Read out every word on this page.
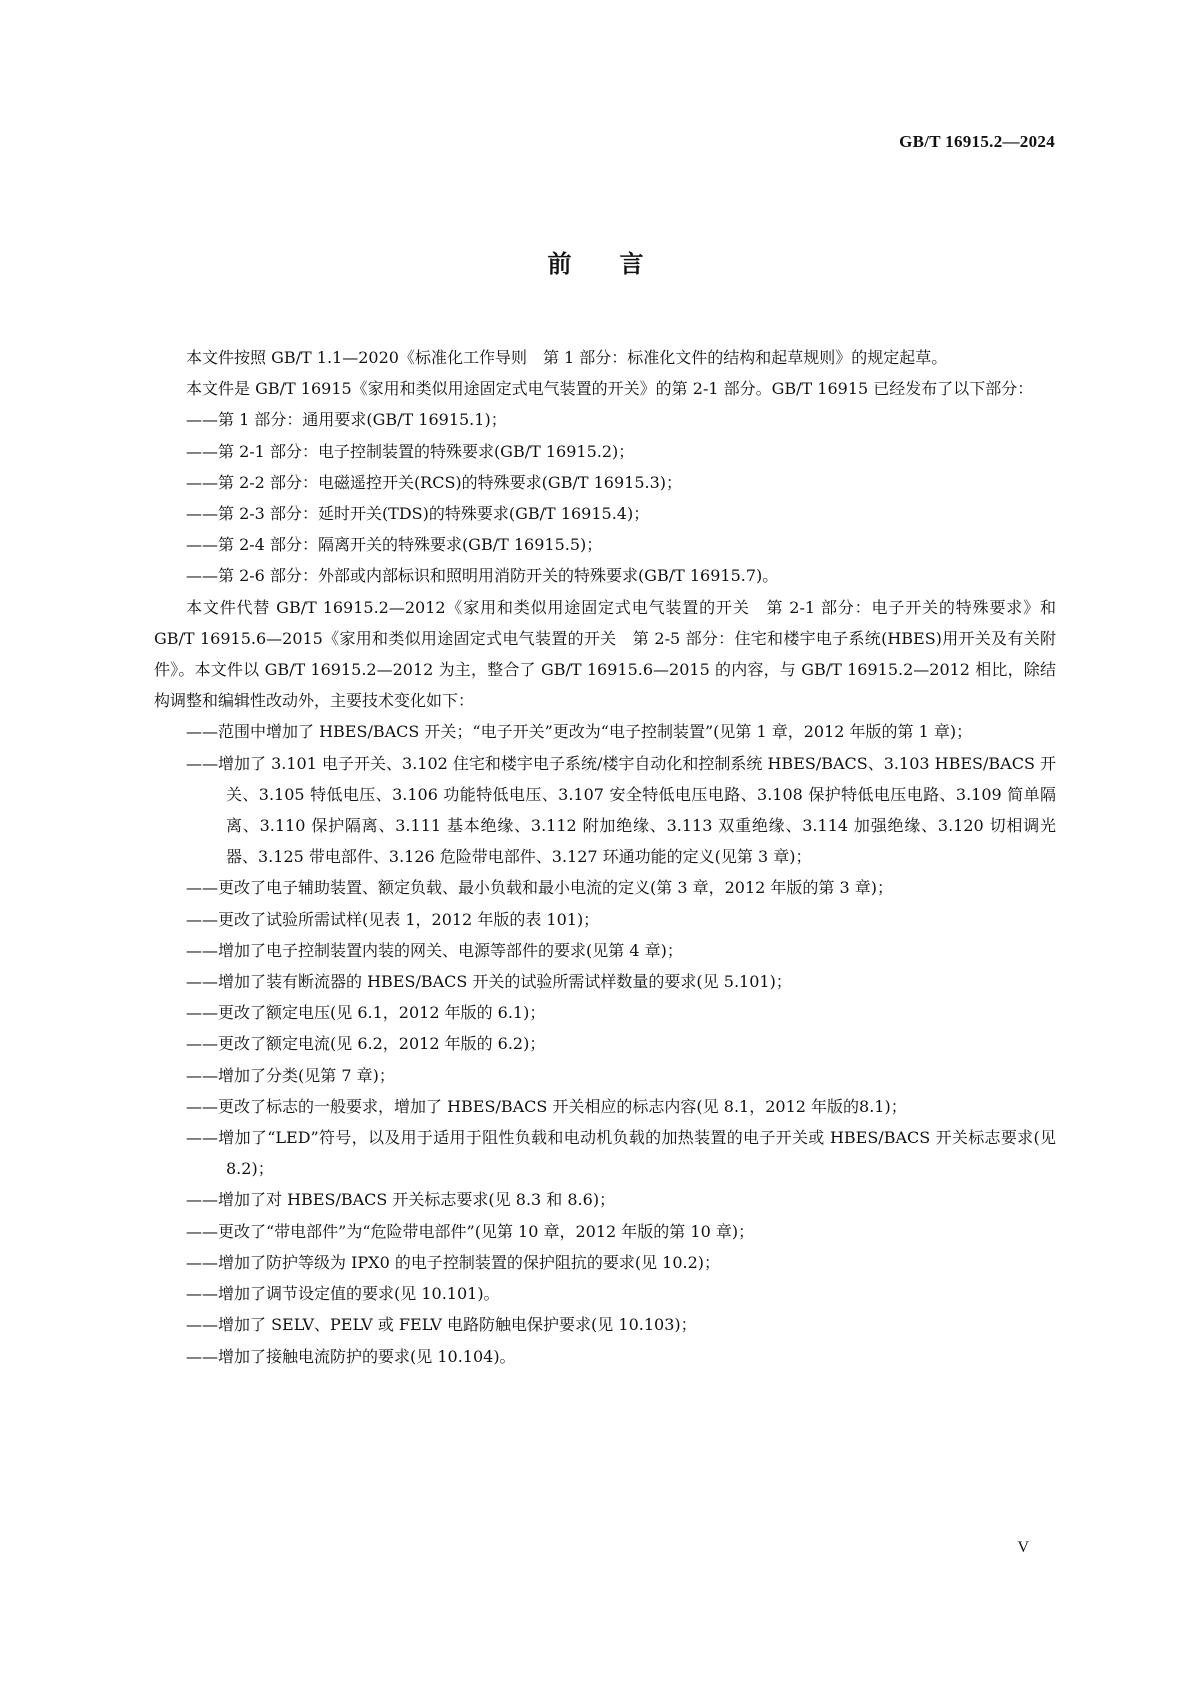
GB/T 16915.2—2024
前言

本文件按照 GB/T 1.1—2020《标准化工作导则　第 1 部分：标准化文件的结构和起草规则》的规定起草。

本文件是 GB/T 16915《家用和类似用途固定式电气装置的开关》的第 2-1 部分。GB/T 16915 已经发布了以下部分：

——第 1 部分：通用要求(GB/T 16915.1)；

——第 2-1 部分：电子控制装置的特殊要求(GB/T 16915.2)；

——第 2-2 部分：电磁遥控开关(RCS)的特殊要求(GB/T 16915.3)；

——第 2-3 部分：延时开关(TDS)的特殊要求(GB/T 16915.4)；

——第 2-4 部分：隔离开关的特殊要求(GB/T 16915.5)；

——第 2-6 部分：外部或内部标识和照明用消防开关的特殊要求(GB/T 16915.7)。

本文件代替 GB/T 16915.2—2012《家用和类似用途固定式电气装置的开关　第 2-1 部分：电子开关的特殊要求》和 GB/T 16915.6—2015《家用和类似用途固定式电气装置的开关　第 2-5 部分：住宅和楼宇电子系统(HBES)用开关及有关附件》。本文件以 GB/T 16915.2—2012 为主，整合了 GB/T 16915.6—2015 的内容，与 GB/T 16915.2—2012 相比，除结构调整和编辑性改动外，主要技术变化如下：

——范围中增加了 HBES/BACS 开关；“电子开关”更改为“电子控制装置”(见第 1 章，2012 年版的第 1 章)；

——增加了 3.101 电子开关、3.102 住宅和楼宇电子系统/楼宇自动化和控制系统 HBES/BACS、3.103 HBES/BACS 开关、3.105 特低电压、3.106 功能特低电压、3.107 安全特低电压电路、3.108 保护特低电压电路、3.109 简单隔离、3.110 保护隔离、3.111 基本绝缘、3.112 附加绝缘、3.113 双重绝缘、3.114 加强绝缘、3.120 切相调光器、3.125 带电部件、3.126 危险带电部件、3.127 环通功能的定义(见第 3 章)；

——更改了电子辅助装置、额定负载、最小负载和最小电流的定义(第 3 章，2012 年版的第 3 章)；

——更改了试验所需试样(见表 1，2012 年版的表 101)；

——增加了电子控制装置内装的网关、电源等部件的要求(见第 4 章)；

——增加了装有断流器的 HBES/BACS 开关的试验所需试样数量的要求(见 5.101)；

——更改了额定电压(见 6.1，2012 年版的 6.1)；

——更改了额定电流(见 6.2，2012 年版的 6.2)；

——增加了分类(见第 7 章)；

——更改了标志的一般要求，增加了 HBES/BACS 开关相应的标志内容(见 8.1，2012 年版的8.1)；

——增加了“LED”符号，以及用于适用于阻性负载和电动机负载的加热装置的电子开关或 HBES/BACS 开关标志要求(见 8.2)；

——增加了对 HBES/BACS 开关标志要求(见 8.3 和 8.6)；

——更改了“带电部件”为“危险带电部件”(见第 10 章，2012 年版的第 10 章)；

——增加了防护等级为 IPX0 的电子控制装置的保护阻抗的要求(见 10.2)；

——增加了调节设定值的要求(见 10.101)。

——增加了 SELV、PELV 或 FELV 电路防触电保护要求(见 10.103)；

——增加了接触电流防护的要求(见 10.104)。

V
